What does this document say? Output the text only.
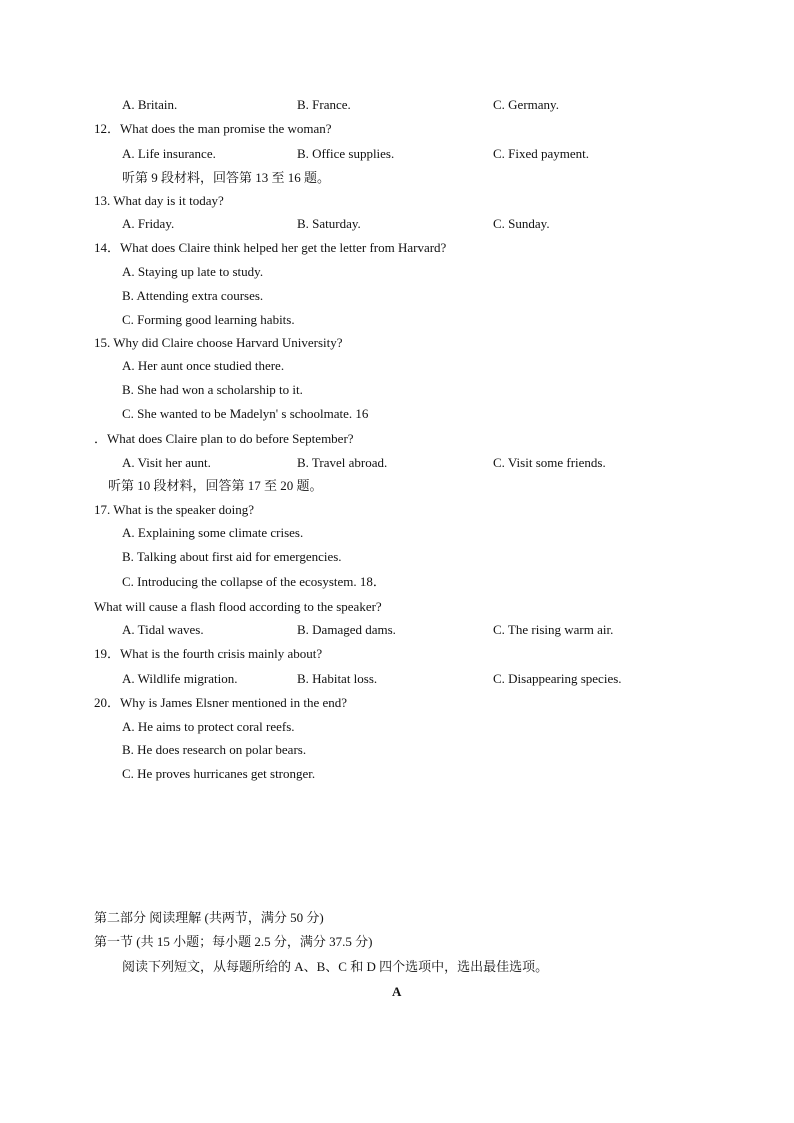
A. Britain.	B. France.	C. Germany.
12．What does the man promise the woman?
A. Life insurance.	B. Office supplies.	C. Fixed payment.
听第 9 段材料，回答第 13 至 16 题。
13. What day is it today?
A. Friday.	B. Saturday.	C. Sunday.
14．What does Claire think helped her get the letter from Harvard?
A. Staying up late to study.
B. Attending extra courses.
C. Forming good learning habits.
15. Why did Claire choose Harvard University?
A. Her aunt once studied there.
B. She had won a scholarship to it.
C. She wanted to be Madelyn' s schoolmate. 16
．What does Claire plan to do before September?
A. Visit her aunt.	B. Travel abroad.	C. Visit some friends.
听第 10 段材料，回答第 17 至 20 题。
17. What is the speaker doing?
A. Explaining some climate crises.
B. Talking about first aid for emergencies.
C. Introducing the collapse of the ecosystem. 18．
What will cause a flash flood according to the speaker?
A. Tidal waves.	B. Damaged dams.	C. The rising warm air.
19．What is the fourth crisis mainly about?
A. Wildlife migration.	B. Habitat loss.	C. Disappearing species.
20．Why is James Elsner mentioned in the end?
A. He aims to protect coral reefs.
B. He does research on polar bears.
C. He proves hurricanes get stronger.
第二部分 阅读理解 (共两节，满分 50 分)
第一节 (共 15 小题；每小题 2.5 分，满分 37.5 分)
阅读下列短文，从每题所给的 A、B、C 和 D 四个选项中，选出最佳选项。
A
